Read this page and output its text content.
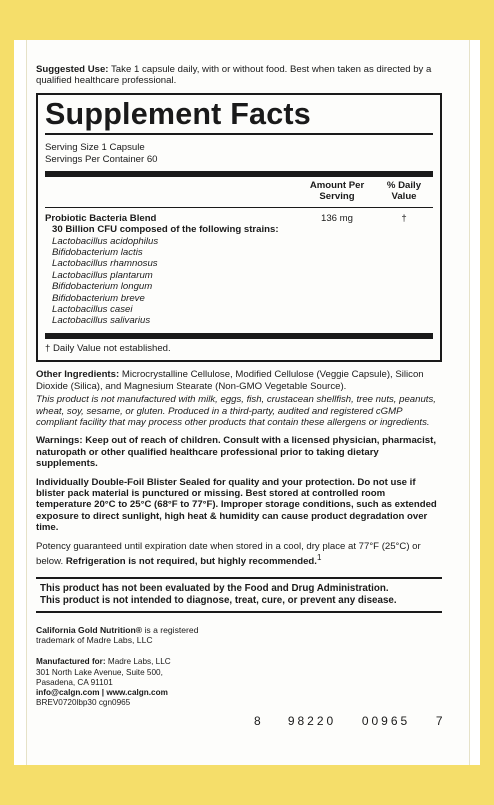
Suggested Use: Take 1 capsule daily, with or without food. Best when taken as directed by a qualified healthcare professional.

Supplement Facts
Serving Size 1 Capsule
Servings Per Container 60
Amount Per Serving
% Daily Value
Probiotic Bacteria Blend	136 mg	†
30 Billion CFU composed of the following strains:
Lactobacillus acidophilus
Bifidobacterium lactis
Lactobacillus rhamnosus
Lactobacillus plantarum
Bifidobacterium longum
Bifidobacterium breve
Lactobacillus casei
Lactobacillus salivarius
† Daily Value not established.

Other Ingredients: Microcrystalline Cellulose, Modified Cellulose (Veggie Capsule), Silicon Dioxide (Silica), and Magnesium Stearate (Non-GMO Vegetable Source).

This product is not manufactured with milk, eggs, fish, crustacean shellfish, tree nuts, peanuts, wheat, soy, sesame, or gluten. Produced in a third-party, audited and registered cGMP compliant facility that may process other products that contain these allergens or ingredients.

Warnings: Keep out of reach of children. Consult with a licensed physician, pharmacist, naturopath or other qualified healthcare professional prior to taking dietary supplements.

Individually Double-Foil Blister Sealed for quality and your protection. Do not use if blister pack material is punctured or missing. Best stored at controlled room temperature 20°C to 25°C (68°F to 77°F). Improper storage conditions, such as extended exposure to direct sunlight, high heat & humidity can cause product degradation over time.

Potency guaranteed until expiration date when stored in a cool, dry place at 77°F (25°C) or below. Refrigeration is not required, but highly recommended.$^1$

This product has not been evaluated by the Food and Drug Administration.
This product is not intended to diagnose, treat, cure, or prevent any disease.
California Gold Nutrition® is a registered
trademark of Madre Labs, LLC
Manufactured for: Madre Labs, LLC
301 North Lake Avenue, Suite 500,
Pasadena, CA 91101
info@calgn.com | www.calgn.com
BREV0720lbp30 cgn0965
8 98220 00965 7
